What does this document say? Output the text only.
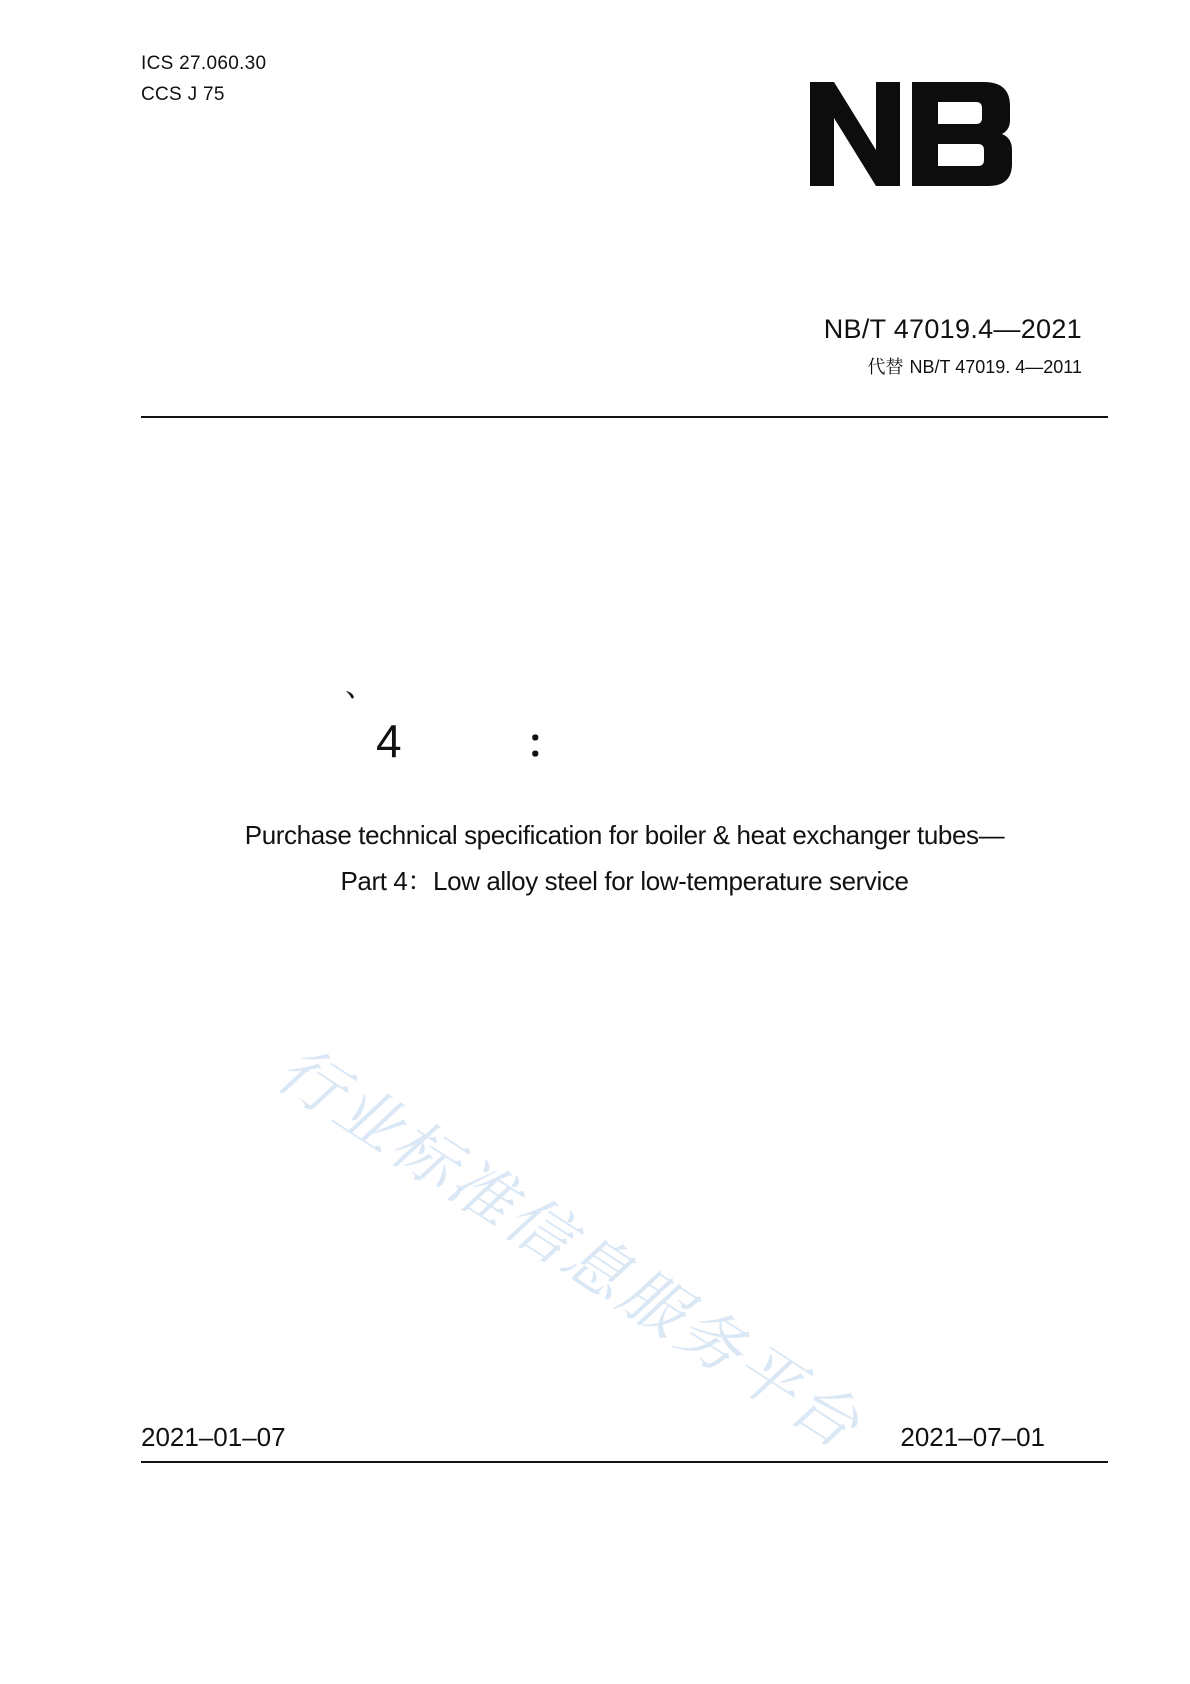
ICS 27.060.30
CCS J 75
NB/T 47019.4—2021
代替 NB/T 47019. 4—2011
、
4	：
Purchase technical specification for boiler & heat exchanger tubes—
Part 4：Low alloy steel for low-temperature service
行业标准信息服务平台
2021–01–07	2021–07–01
